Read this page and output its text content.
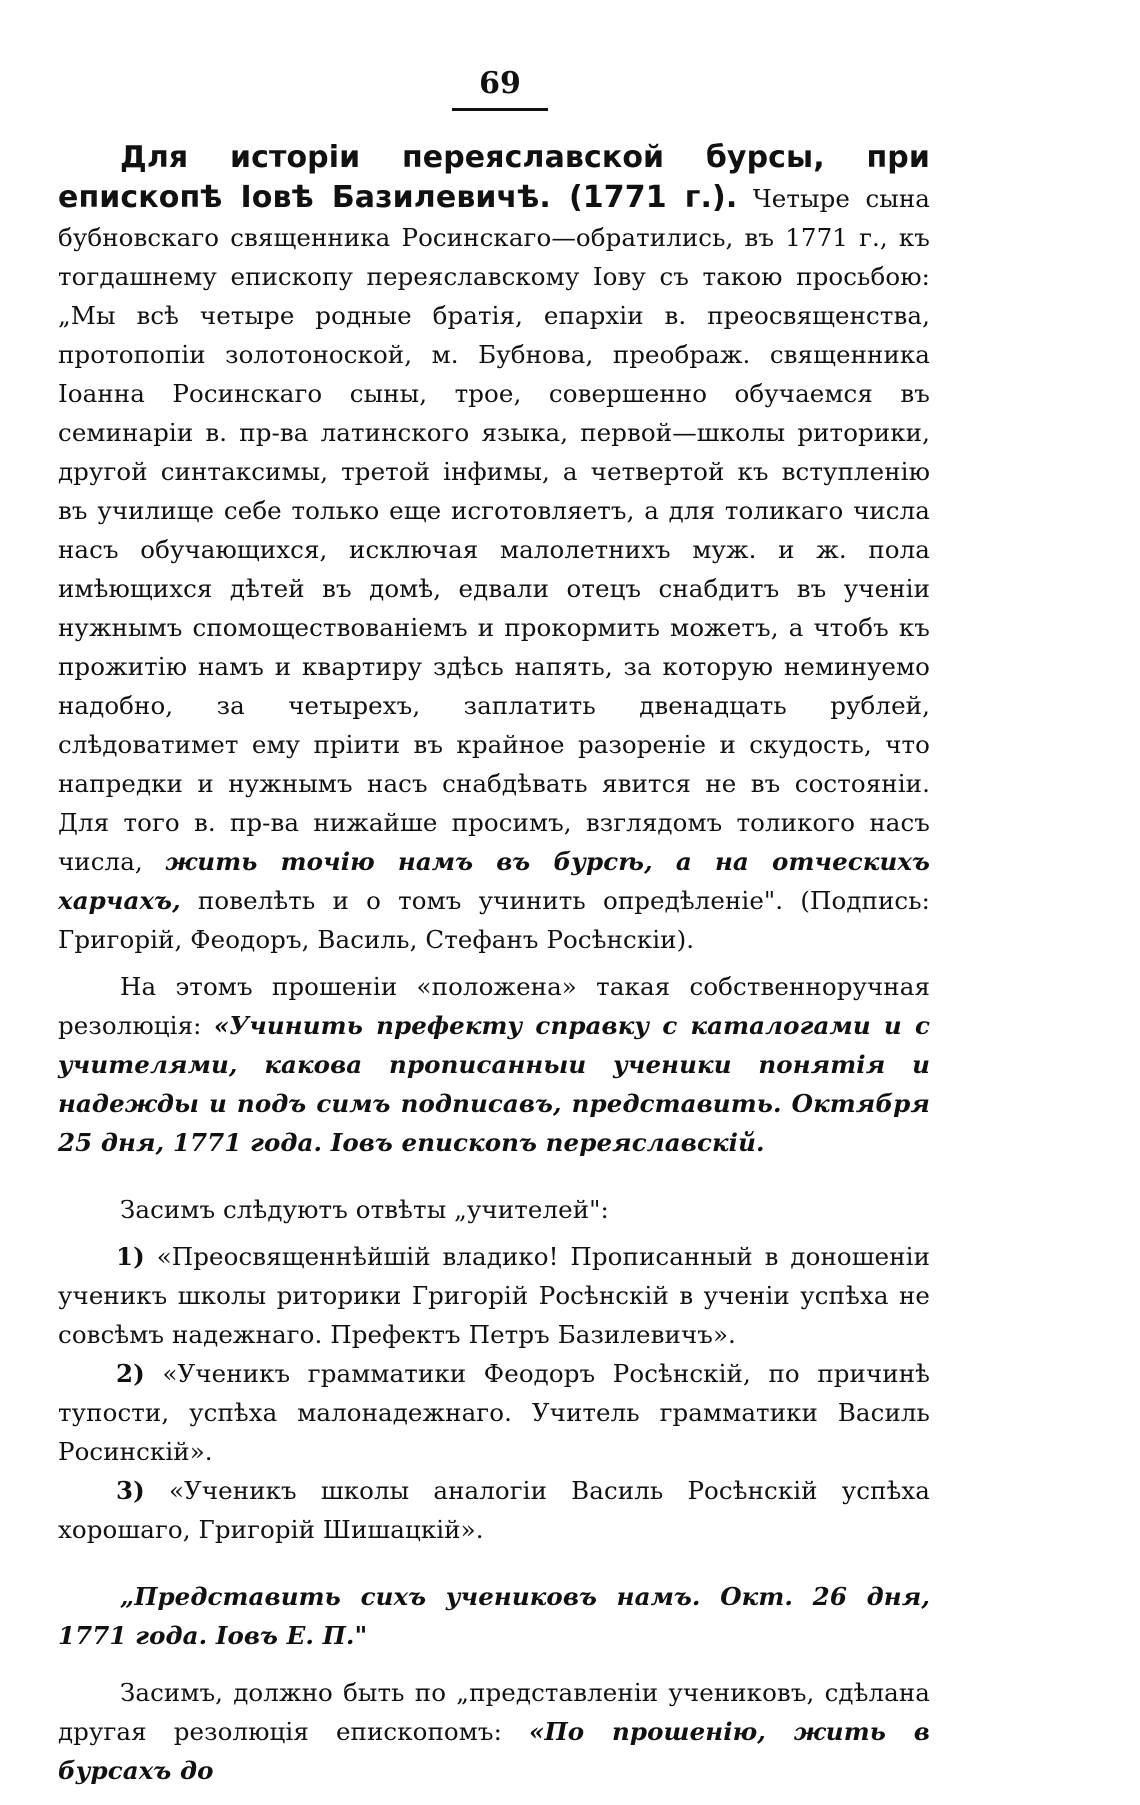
69

Для исторіи переяславской бурсы, при епископѣ Іовѣ Базилевичѣ. (1771 г.). Четыре сына бубновскаго священника Росинскаго—обратились, въ 1771 г., къ тогдашнему епископу переяславскому Іову съ такою просьбою: „Мы всѣ четыре родные братія, епархіи в. преосвященства, протопопіи золотоноской, м. Бубнова, преображ. священника Іоанна Росинскаго сыны, трое, совершенно обучаемся въ семинаріи в. пр-ва латинского языка, первой—школы риторики, другой синтаксимы, третой інфимы, а четвертой къ вступленію въ училище себе только еще исготовляетъ, а для толикаго числа насъ обучающихся, исключая малолетнихъ муж. и ж. пола имѣющихся дѣтей въ домѣ, едвали отецъ снабдитъ въ ученіи нужнымъ спомоществованіемъ и прокормить можетъ, а чтобъ къ прожитію намъ и квартиру здѣсь напять, за которую неминуемо надобно, за четырехъ, заплатить двенадцать рублей, слѣдоватимет ему пріити въ крайное разореніе и скудость, что напредки и нужнымъ насъ снабдѣвать явится не въ состояніи. Для того в. пр-ва нижайше просимъ, взглядомъ толикого насъ числа, жить точію намъ въ бурсѣ, а на отческихъ харчахъ, повелѣть и о томъ учинить опредѣленіе". (Подпись: Григорій, Феодоръ, Василь, Стефанъ Росѣнскіи).

На этомъ прошеніи «положена» такая собственноручная резолюція: «Учинить префекту справку с каталогами и с учителями, какова прописанныи ученики понятія и надежды и подъ симъ подписавъ, представить. Октября 25 дня, 1771 года. Іовъ епископъ переяславскій.

Засимъ слѣдуютъ отвѣты „учителей":

1) «Преосвященнѣйшій владико! Прописанный в доношеніи ученикъ школы риторики Григорій Росѣнскій в ученіи успѣха не совсѣмъ надежнаго. Префектъ Петръ Базилевичъ».

2) «Ученикъ грамматики Феодоръ Росѣнскій, по причинѣ тупости, успѣха малонадежнаго. Учитель грамматики Василь Росинскій».

3) «Ученикъ школы аналогіи Василь Росѣнскій успѣха хорошаго, Григорій Шишацкій».

„Представить сихъ учениковъ намъ. Окт. 26 дня, 1771 года. Іовъ Е. П."

Засимъ, должно быть по „представленіи учениковъ, сдѣлана другая резолюція епископомъ: «По прошенію, жить в бурсахъ до
